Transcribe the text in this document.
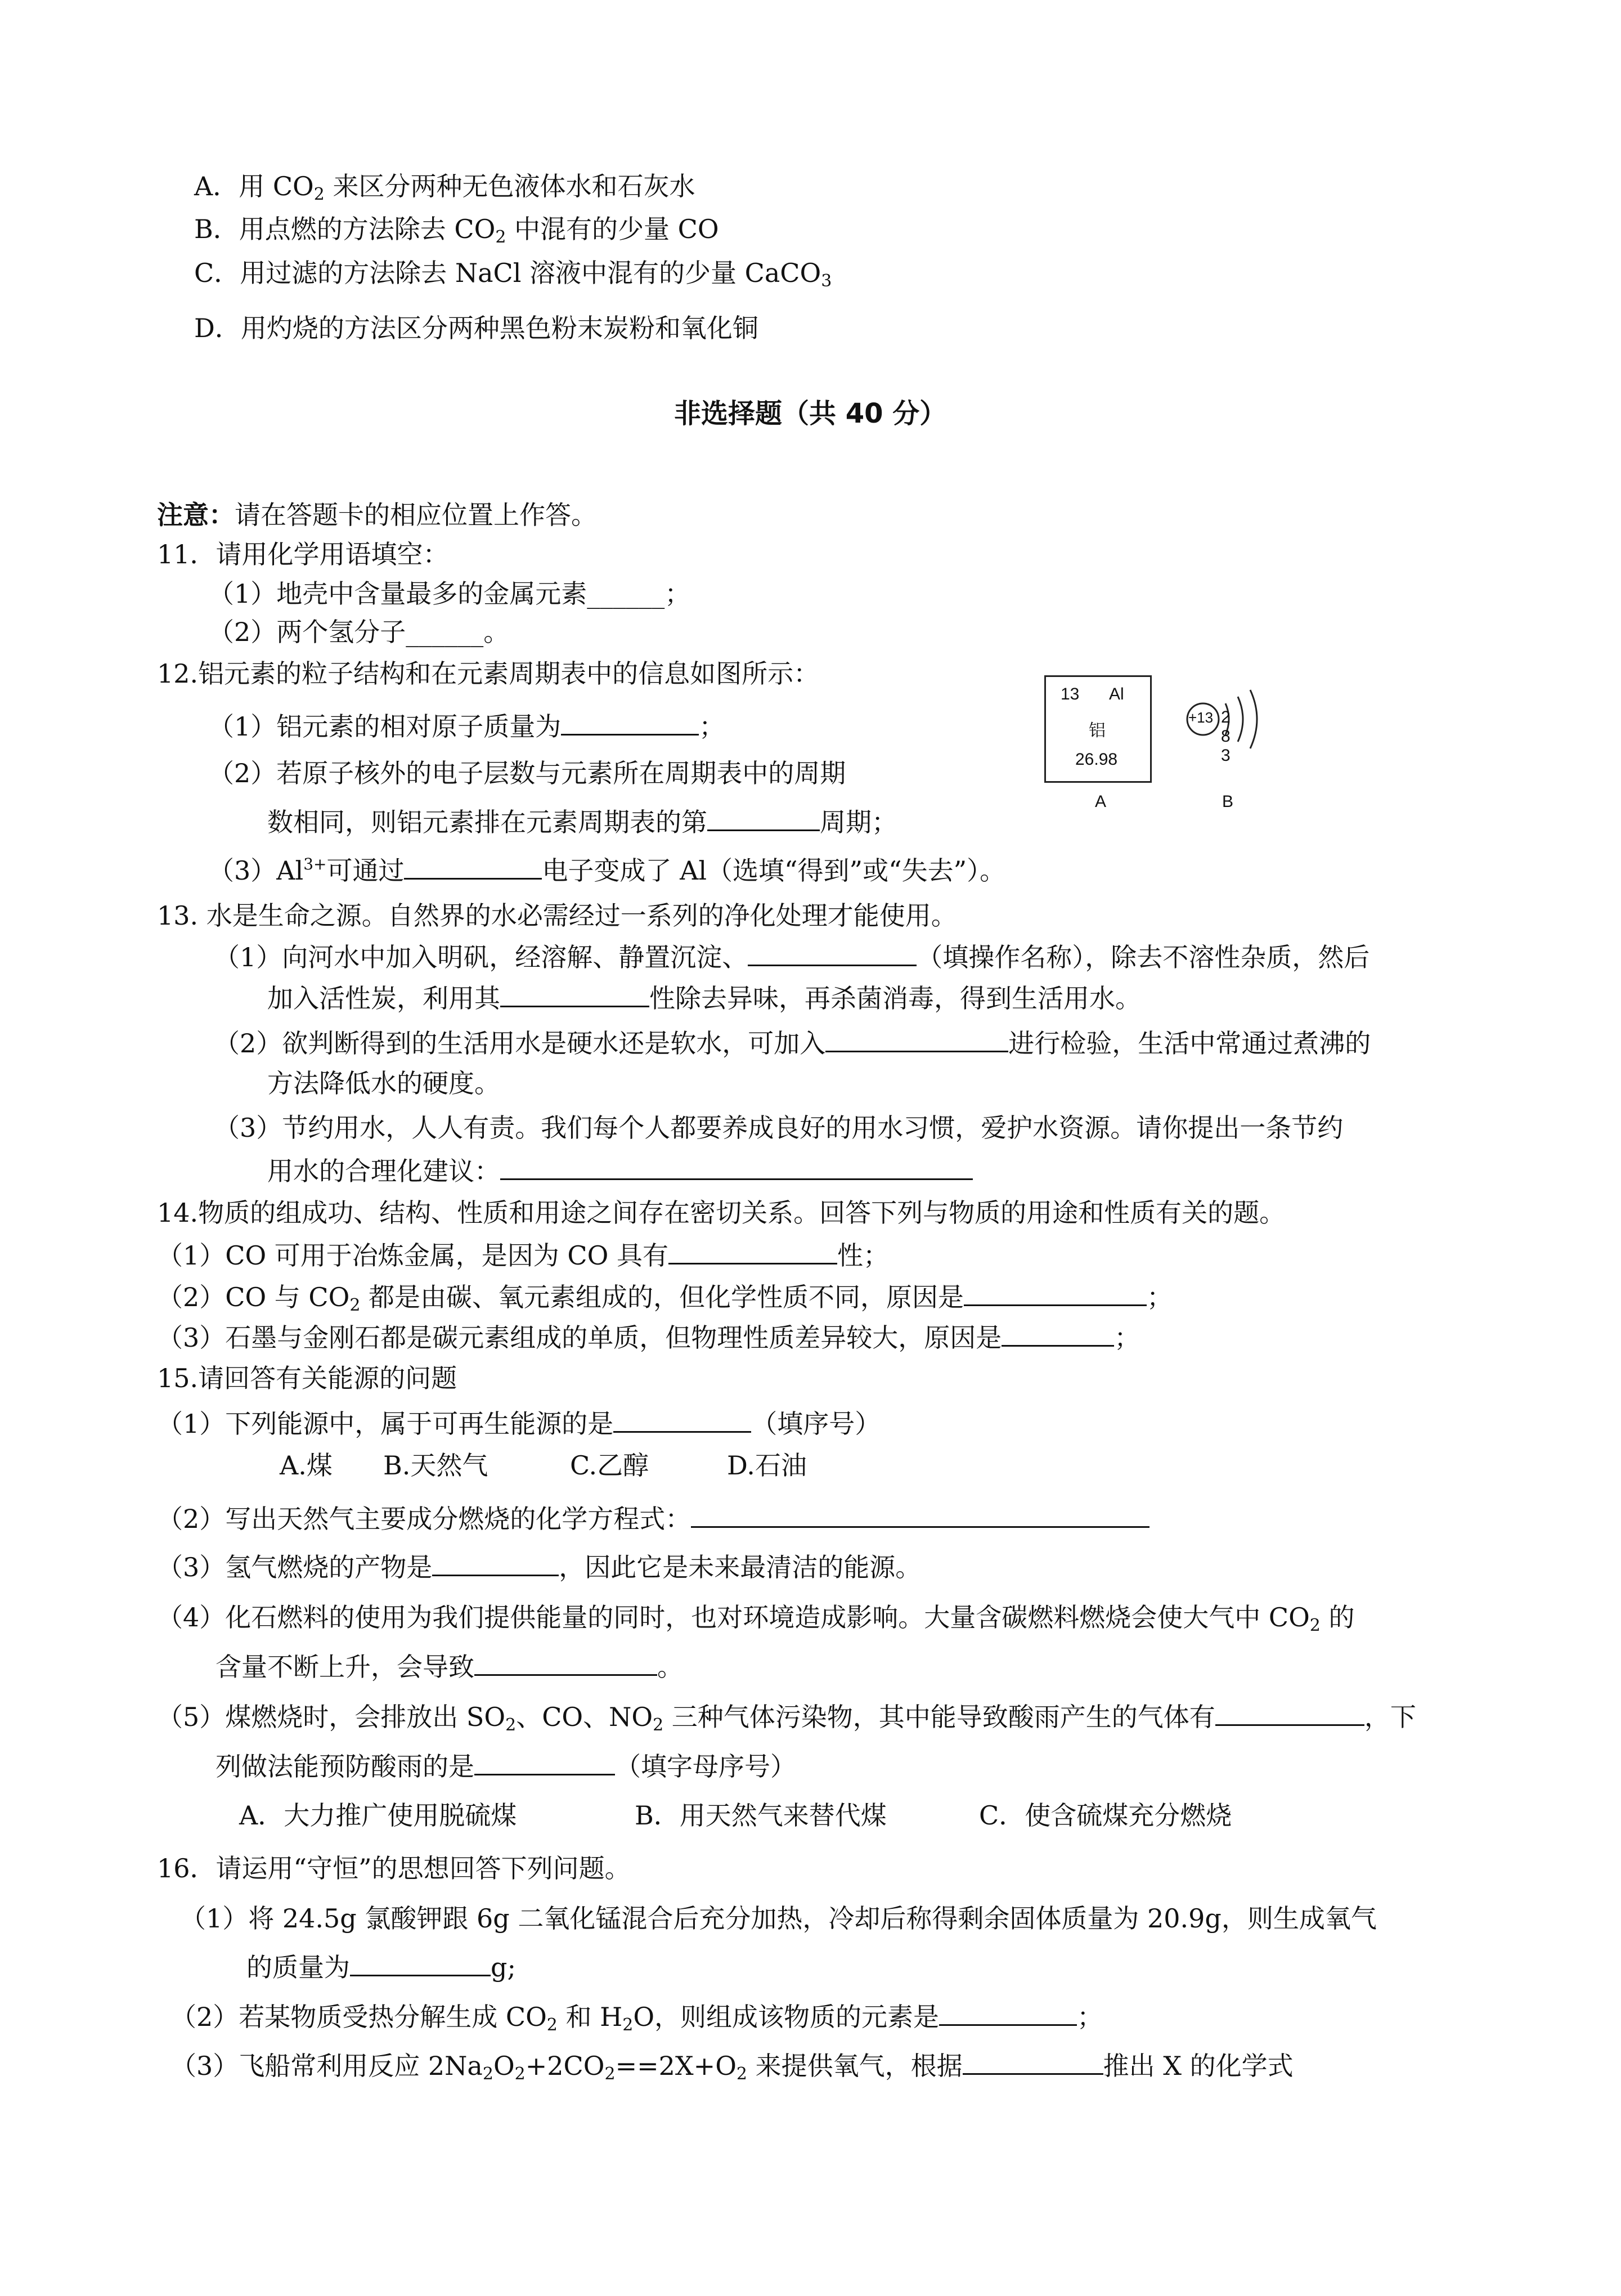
A．用 $CO_2$ 来区分两种无色液体水和石灰水
B．用点燃的方法除去 $CO_2$ 中混有的少量 CO
C．用过滤的方法除去 NaCl 溶液中混有的少量 CaCO$_3$
D．用灼烧的方法区分两种黑色粉末炭粉和氧化铜
非选择题（共 40 分）
注意：请在答题卡的相应位置上作答。
11．请用化学用语填空：
（1）地壳中含量最多的金属元素______；
（2）两个氢分子______。
12.铝元素的粒子结构和在元素周期表中的信息如图所示：
（1）铝元素的相对原子质量为	；
（2）若原子核外的电子层数与元素所在周期表中的周期
数相同，则铝元素排在元素周期表的第	周期；
$(3)Al^{3+}$可通过	电子变成了 Al（选填“得到”或“失去”）。
13 Al
铝
26.98
+13 2 8 3
A	B
13. 水是生命之源。自然界的水必需经过一系列的净化处理才能使用。
（1）向河水中加入明矾，经溶解、静置沉淀、	（填操作名称），除去不溶性杂质，然后
加入活性炭，利用其	性除去异味，再杀菌消毒，得到生活用水。
（2）欲判断得到的生活用水是硬水还是软水，可加入	进行检验，生活中常通过煮沸的
方法降低水的硬度。
（3）节约用水，人人有责。我们每个人都要养成良好的用水习惯，爱护水资源。请你提出一条节约
用水的合理化建议：
14.物质的组成功、结构、性质和用途之间存在密切关系。回答下列与物质的用途和性质有关的题。
（1）CO 可用于冶炼金属，是因为 CO 具有	性；
（2）CO 与 $CO_2$ 都是由碳、氧元素组成的，但化学性质不同，原因是	；
（3）石墨与金刚石都是碳元素组成的单质，但物理性质差异较大，原因是	；
15.请回答有关能源的问题
（1）下列能源中，属于可再生能源的是	（填序号）
A.煤 B.天然气	C.乙醇	D.石油
（2）写出天然气主要成分燃烧的化学方程式：
（3）氢气燃烧的产物是	，因此它是未来最清洁的能源。
（4）化石燃料的使用为我们提供能量的同时，也对环境造成影响。大量含碳燃料燃烧会使大气中 $CO_2$ 的
含量不断上升，会导致	。
（5）煤燃烧时，会排放出 $SO_2$、CO、$NO_2$ 三种气体污染物，其中能导致酸雨产生的气体有	，下
列做法能预防酸雨的是	（填字母序号）
A．大力推广使用脱硫煤	B．用天然气来替代煤	C．使含硫煤充分燃烧
16．请运用“守恒”的思想回答下列问题。
（1）将 24.5g 氯酸钾跟 6g 二氧化锰混合后充分加热，冷却后称得剩余固体质量为 20.9g，则生成氧气
的质量为	g;
（2）若某物质受热分解生成 $CO_2$ 和 $H_2O$，则组成该物质的元素是	；
（3）飞船常利用反应 $2Na_2O_2+2CO_2==2X+O_2$ 来提供氧气，根据	推出 X 的化学式
